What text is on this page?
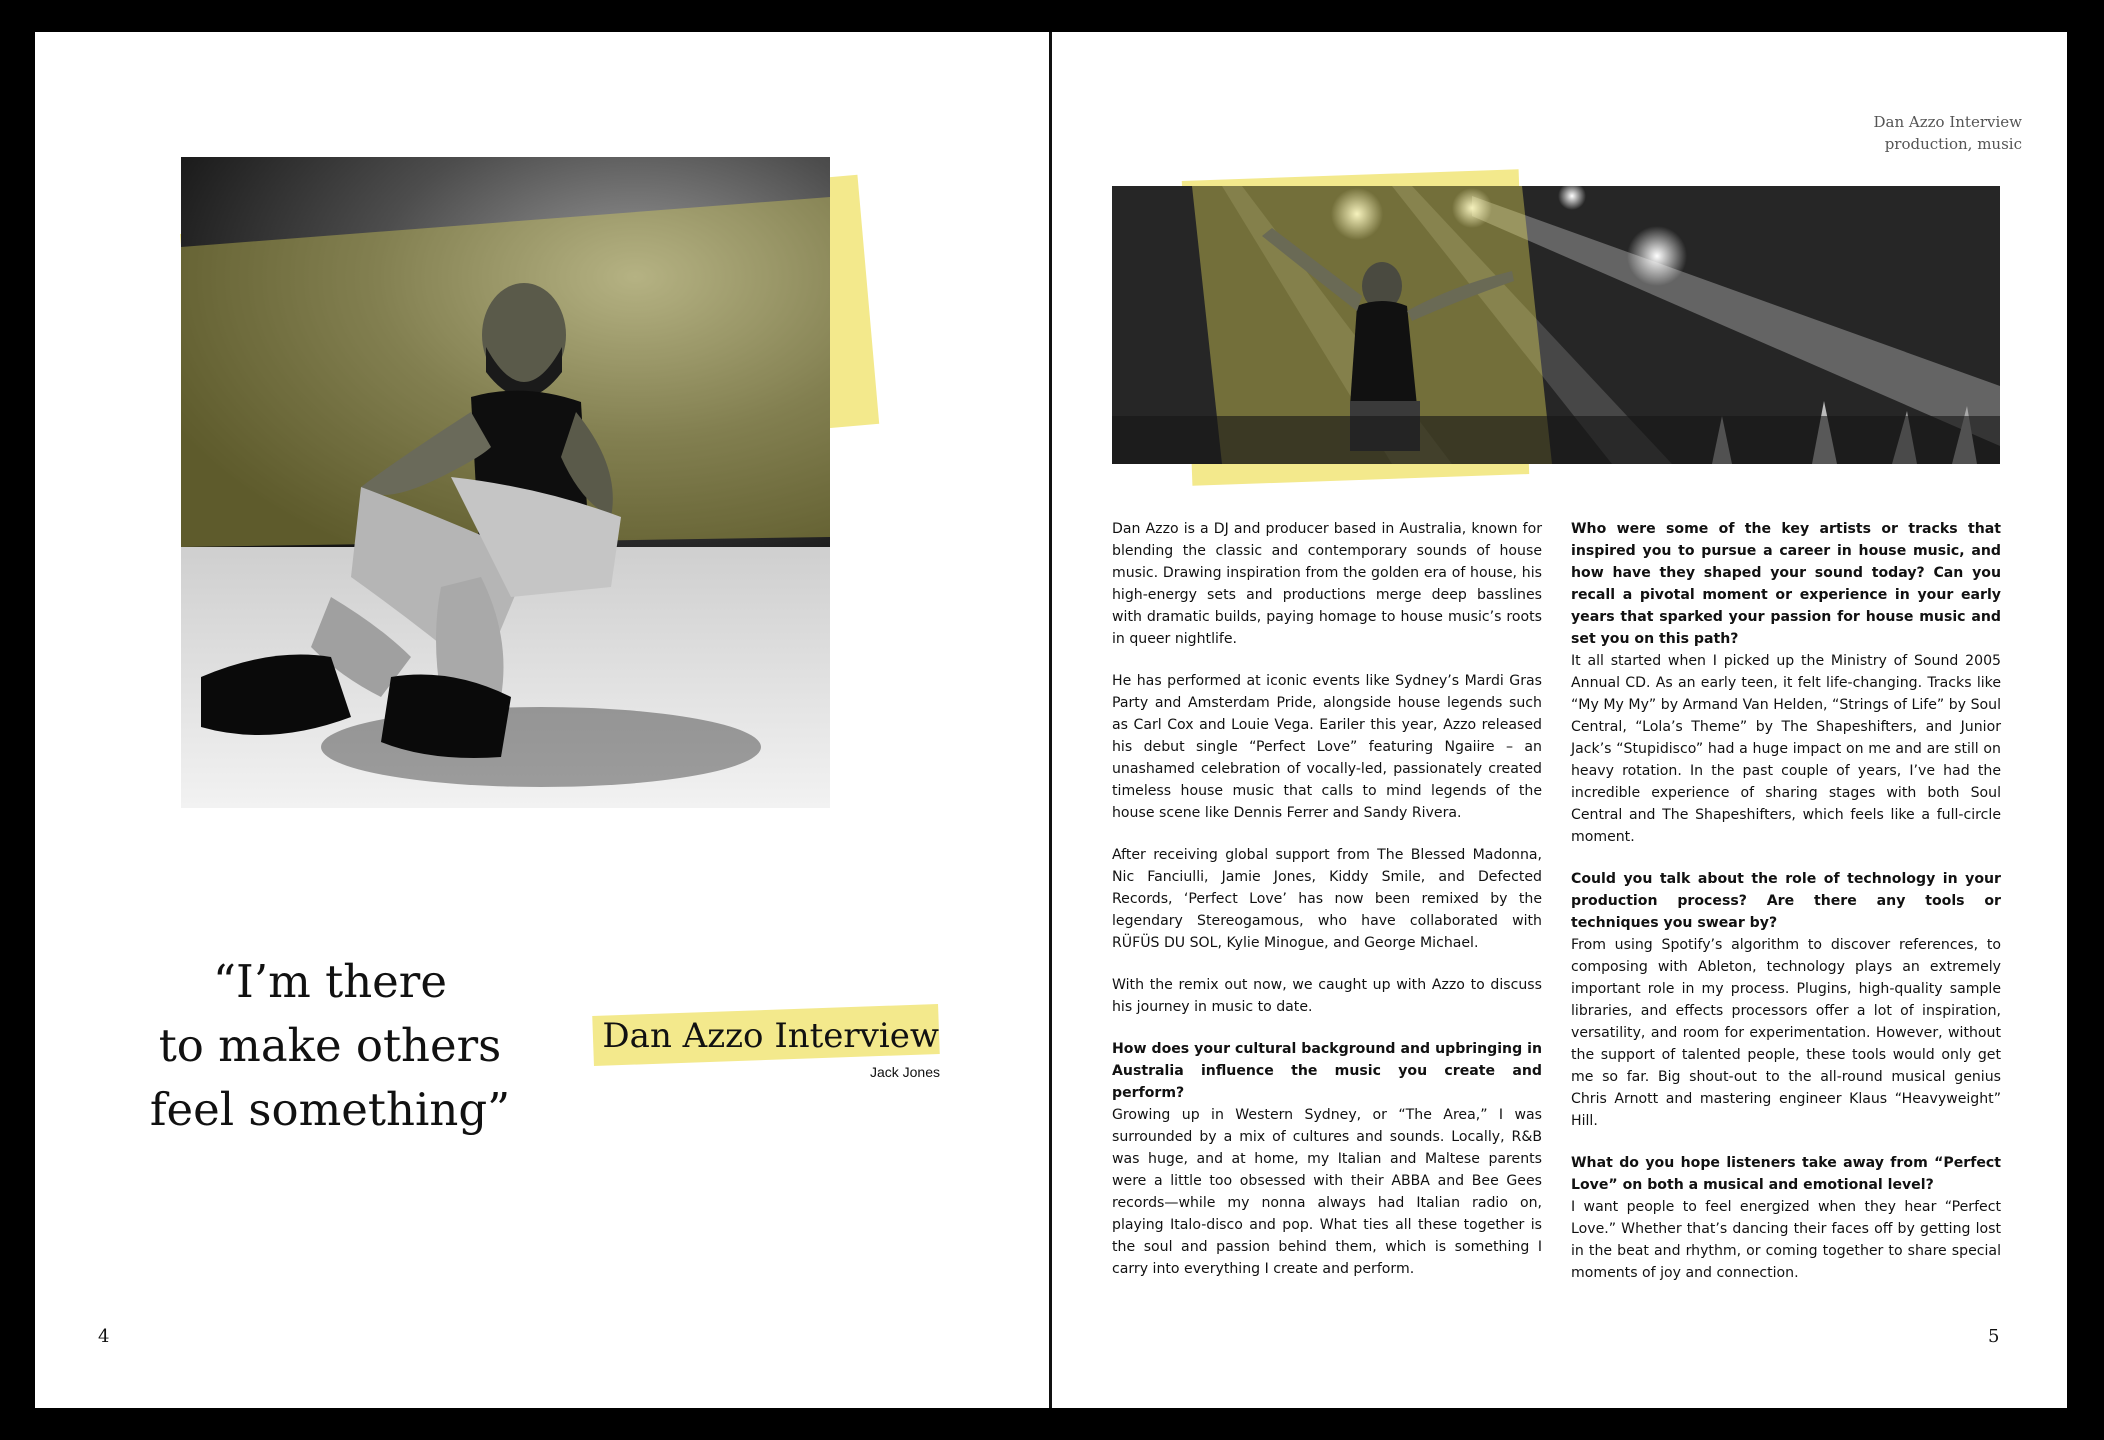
Dan Azzo Interview
production, music
“I’m there
to make others
feel something”
Dan Azzo Interview
Jack Jones
4	5

Dan Azzo is a DJ and producer based in Australia, known for blending the classic and contemporary sounds of house music. Drawing inspiration from the golden era of house, his high-energy sets and productions merge deep basslines with dramatic builds, paying homage to house music’s roots in queer nightlife.

He has performed at iconic events like Sydney’s Mardi Gras Party and Amsterdam Pride, alongside house legends such as Carl Cox and Louie Vega. Eariler this year, Azzo released his debut single “Perfect Love” featuring Ngaiire – an unashamed celebration of vocally-led, passionately created timeless house music that calls to mind legends of the house scene like Dennis Ferrer and Sandy Rivera.

After receiving global support from The Blessed Madonna, Nic Fanciulli, Jamie Jones, Kiddy Smile, and Defected Records, ‘Perfect Love’ has now been remixed by the legendary Stereogamous, who have collaborated with RÜFÜS DU SOL, Kylie Minogue, and George Michael.

With the remix out now, we caught up with Azzo to discuss his journey in music to date.

How does your cultural background and upbringing in Australia influence the music you create and perform?
Growing up in Western Sydney, or “The Area,” I was surrounded by a mix of cultures and sounds. Locally, R&B was huge, and at home, my Italian and Maltese parents were a little too obsessed with their ABBA and Bee Gees records—while my nonna always had Italian radio on, playing Italo-disco and pop. What ties all these together is the soul and passion behind them, which is something I carry into everything I create and perform.

Who were some of the key artists or tracks that inspired you to pursue a career in house music, and how have they shaped your sound today? Can you recall a pivotal moment or experience in your early years that sparked your passion for house music and set you on this path?
It all started when I picked up the Ministry of Sound 2005 Annual CD. As an early teen, it felt life-changing. Tracks like “My My My” by Armand Van Helden, “Strings of Life” by Soul Central, “Lola’s Theme” by The Shapeshifters, and Junior Jack’s “Stupidisco” had a huge impact on me and are still on heavy rotation. In the past couple of years, I’ve had the incredible experience of sharing stages with both Soul Central and The Shapeshifters, which feels like a full-circle moment.

Could you talk about the role of technology in your production process? Are there any tools or techniques you swear by?
From using Spotify’s algorithm to discover references, to composing with Ableton, technology plays an extremely important role in my process. Plugins, high-quality sample libraries, and effects processors offer a lot of inspiration, versatility, and room for experimentation. However, without the support of talented people, these tools would only get me so far. Big shout-out to the all-round musical genius Chris Arnott and mastering engineer Klaus “Heavyweight” Hill.

What do you hope listeners take away from “Perfect Love” on both a musical and emotional level?
I want people to feel energized when they hear “Perfect Love.” Whether that’s dancing their faces off by getting lost in the beat and rhythm, or coming together to share special moments of joy and connection.
